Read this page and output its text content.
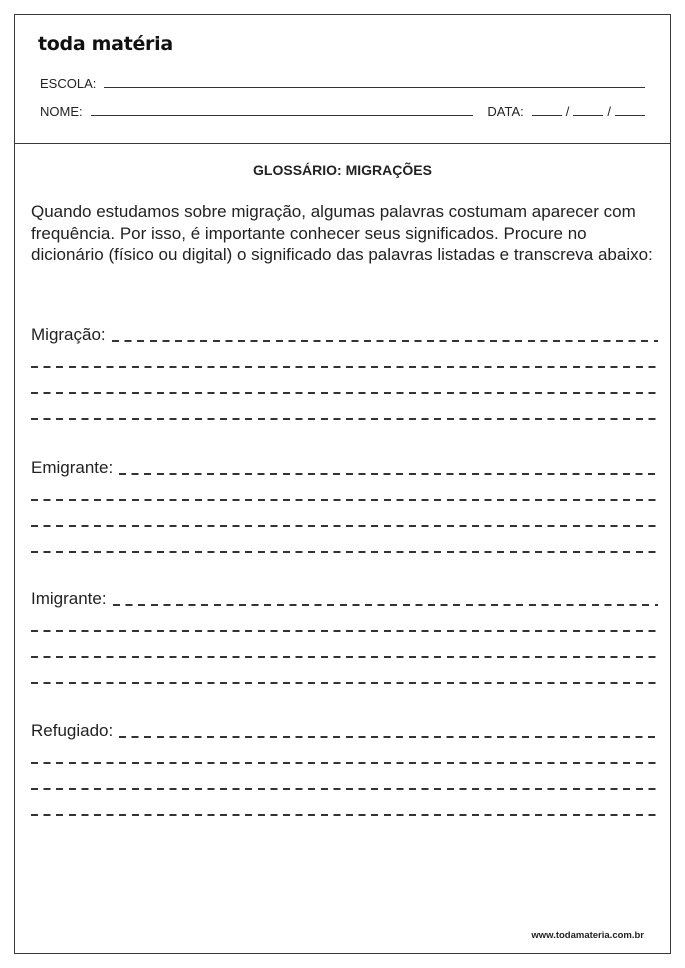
toda matéria
ESCOLA:
NOME:	DATA:	/	/
GLOSSÁRIO: MIGRAÇÕES
Quando estudamos sobre migração, algumas palavras costumam aparecer com frequência. Por isso, é importante conhecer seus significados. Procure no dicionário (físico ou digital) o significado das palavras listadas e transcreva abaixo:
Migração:
Emigrante:
Imigrante:
Refugiado:
www.todamateria.com.br
